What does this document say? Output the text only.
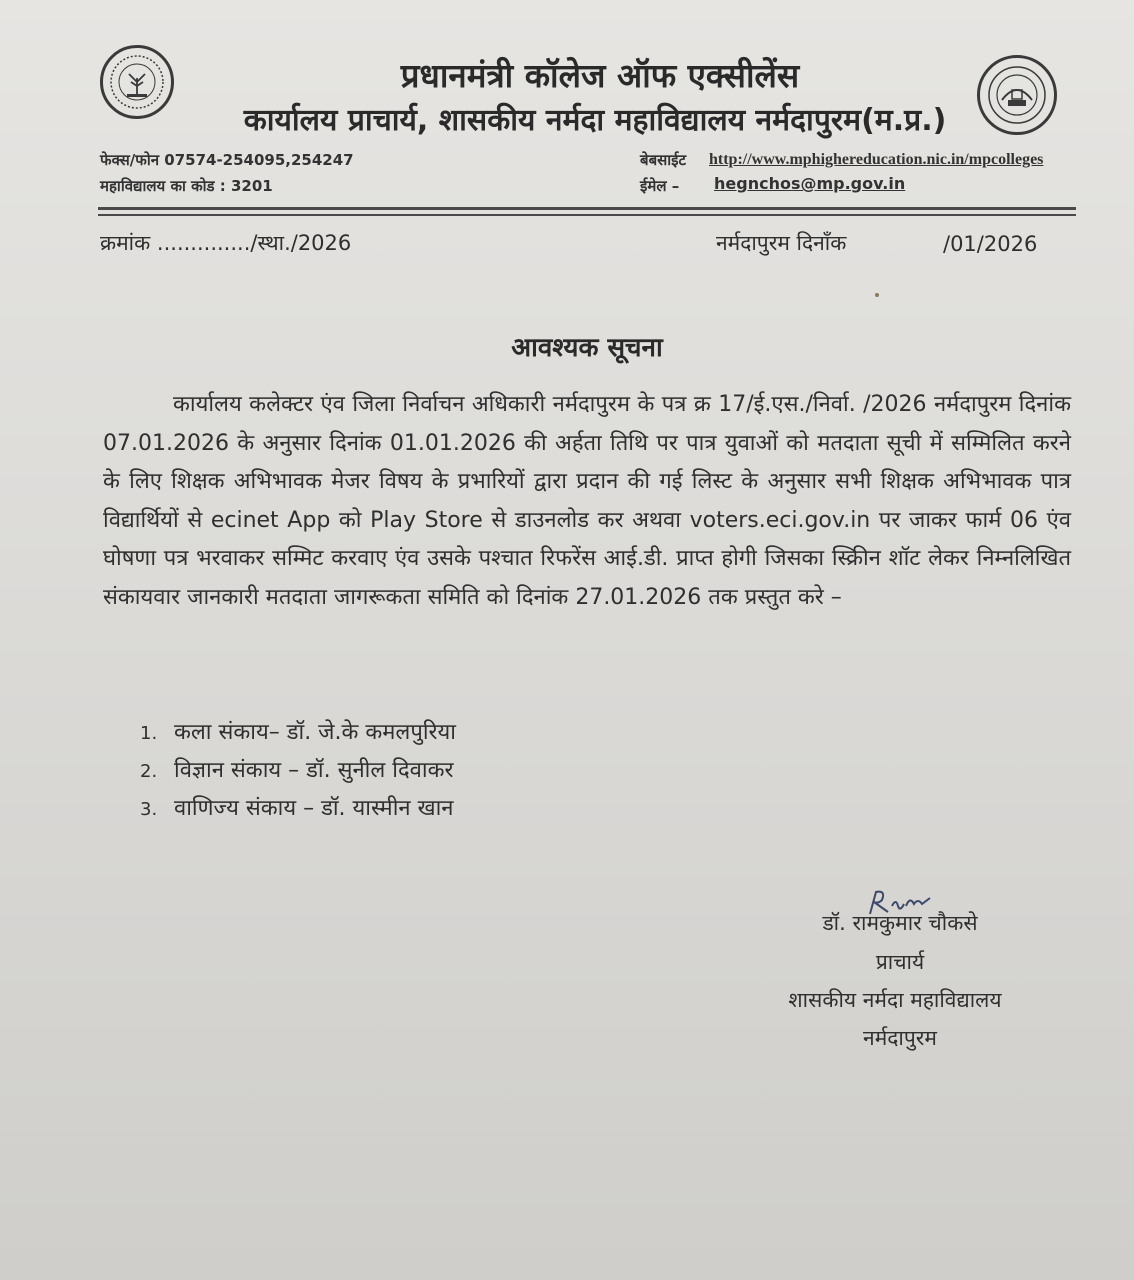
प्रधानमंत्री कॉलेज ऑफ एक्सीलेंस
कार्यालय प्राचार्य, शासकीय नर्मदा महाविद्यालय नर्मदापुरम(म.प्र.)
फेक्स/फोन 07574-254095,254247
महाविद्यालय का कोड : 3201
बेबसाईट http://www.mphighereducation.nic.in/mpcolleges
ईमेल – hegnchos@mp.gov.in
क्रमांक ............../स्था./2026	नर्मदापुरम दिनाँक	/01/2026
आवश्यक सूचना

कार्यालय कलेक्टर एंव जिला निर्वाचन अधिकारी नर्मदापुरम के पत्र क्र 17/ई.एस./निर्वा. /2026 नर्मदापुरम दिनांक 07.01.2026 के अनुसार दिनांक 01.01.2026 की अर्हता तिथि पर पात्र युवाओं को मतदाता सूची में सम्मिलित करने के लिए शिक्षक अभिभावक मेजर विषय के प्रभारियों द्वारा प्रदान की गई लिस्ट के अनुसार सभी शिक्षक अभिभावक पात्र विद्यार्थियों से ecinet App को Play Store से डाउनलोड कर अथवा voters.eci.gov.in पर जाकर फार्म 06 एंव घोषणा पत्र भरवाकर सम्मिट करवाए एंव उसके पश्चात रिफरेंस आई.डी. प्राप्त होगी जिसका स्क्रिीन शॉट लेकर निम्नलिखित संकायवार जानकारी मतदाता जागरूकता समिति को दिनांक 27.01.2026 तक प्रस्तुत करे –

1. कला संकाय– डॉ. जे.के कमलपुरिया
2. विज्ञान संकाय – डॉ. सुनील दिवाकर
3. वाणिज्य संकाय – डॉ. यास्मीन खान
डॉ. रामकुमार चौकसे
प्राचार्य
शासकीय नर्मदा महाविद्यालय
नर्मदापुरम
